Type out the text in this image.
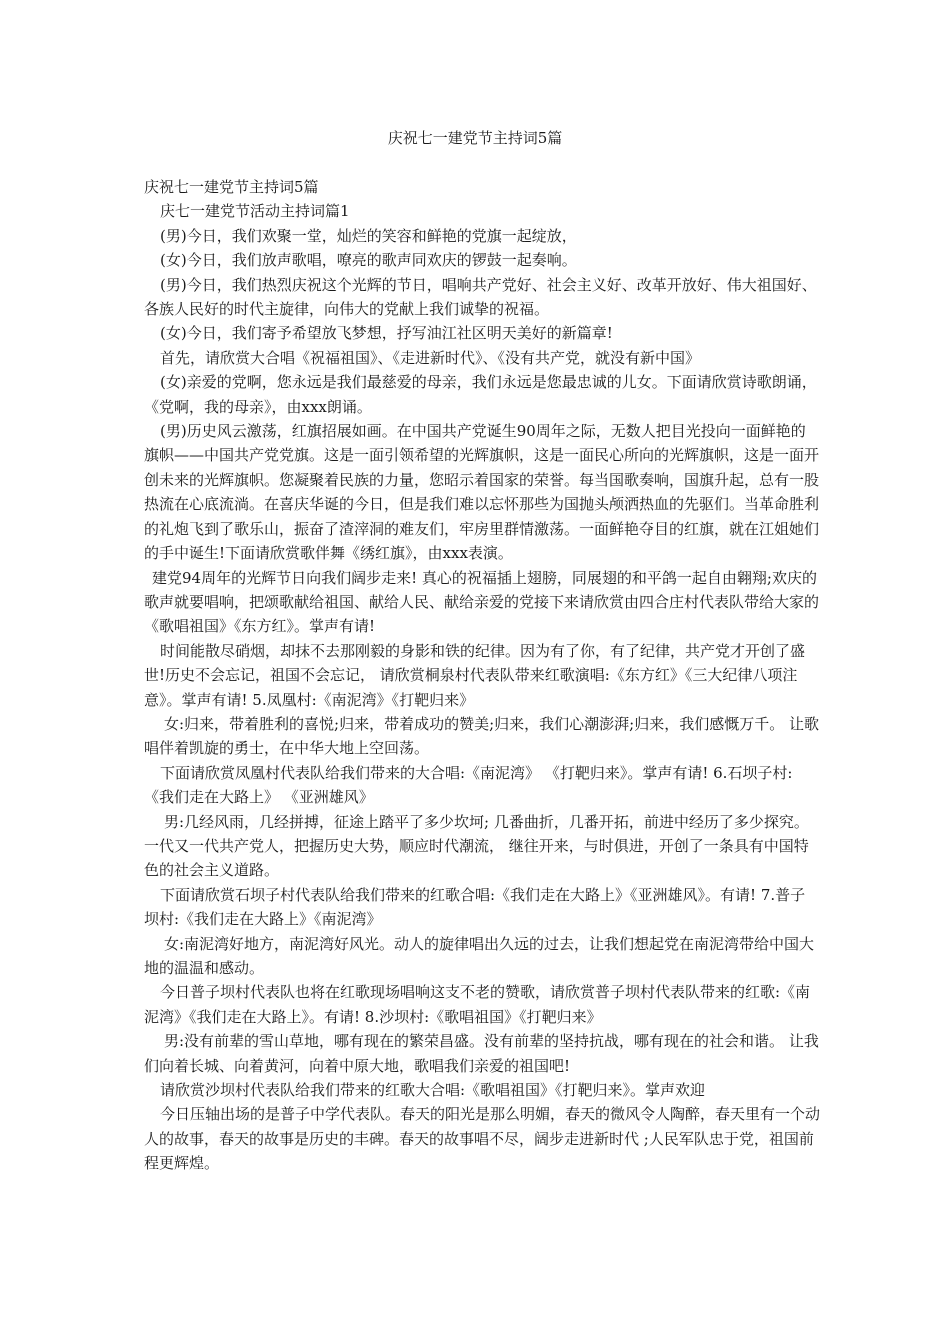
庆祝七一建党节主持词5篇

庆祝七一建党节主持词5篇

庆七一建党节活动主持词篇1

(男)今日，我们欢聚一堂，灿烂的笑容和鲜艳的党旗一起绽放，

(女)今日，我们放声歌唱，嘹亮的歌声同欢庆的锣鼓一起奏响。

(男)今日，我们热烈庆祝这个光辉的节日，唱响共产党好、社会主义好、改革开放好、伟大祖国好、各族人民好的时代主旋律，向伟大的党献上我们诚挚的祝福。

(女)今日，我们寄予希望放飞梦想，抒写油江社区明天美好的新篇章!

首先，请欣赏大合唱《祝福祖国》、《走进新时代》、《没有共产党，就没有新中国》

(女)亲爱的党啊，您永远是我们最慈爱的母亲，我们永远是您最忠诚的儿女。下面请欣赏诗歌朗诵，《党啊，我的母亲》，由xxx朗诵。

(男)历史风云激荡，红旗招展如画。在中国共产党诞生90周年之际，无数人把目光投向一面鲜艳的旗帜——中国共产党党旗。这是一面引领希望的光辉旗帜，这是一面民心所向的光辉旗帜，这是一面开创未来的光辉旗帜。您凝聚着民族的力量，您昭示着国家的荣誉。每当国歌奏响，国旗升起，总有一股热流在心底流淌。在喜庆华诞的今日，但是我们难以忘怀那些为国抛头颅洒热血的先驱们。当革命胜利的礼炮飞到了歌乐山，振奋了渣滓洞的难友们，牢房里群情激荡。一面鲜艳夺目的红旗，就在江姐她们的手中诞生!下面请欣赏歌伴舞《绣红旗》，由xxx表演。

建党94周年的光辉节日向我们阔步走来! 真心的祝福插上翅膀，同展翅的和平鸽一起自由翱翔;欢庆的歌声就要唱响，把颂歌献给祖国、献给人民、献给亲爱的党接下来请欣赏由四合庄村代表队带给大家的《歌唱祖国》《东方红》。掌声有请!

时间能散尽硝烟，却抹不去那刚毅的身影和铁的纪律。因为有了你，有了纪律，共产党才开创了盛世!历史不会忘记，祖国不会忘记， 请欣赏桐泉村代表队带来红歌演唱:《东方红》《三大纪律八项注意》。掌声有请! 5.凤凰村:《南泥湾》《打靶归来》

女:归来，带着胜利的喜悦;归来，带着成功的赞美;归来，我们心潮澎湃;归来，我们感慨万千。 让歌唱伴着凯旋的勇士，在中华大地上空回荡。

下面请欣赏凤凰村代表队给我们带来的大合唱:《南泥湾》 《打靶归来》。掌声有请! 6.石坝子村:《我们走在大路上》 《亚洲雄风》

男:几经风雨，几经拼搏，征途上踏平了多少坎坷; 几番曲折，几番开拓，前进中经历了多少探究。 一代又一代共产党人，把握历史大势，顺应时代潮流， 继往开来，与时俱进，开创了一条具有中国特色的社会主义道路。

下面请欣赏石坝子村代表队给我们带来的红歌合唱:《我们走在大路上》《亚洲雄风》。有请! 7.普子坝村:《我们走在大路上》《南泥湾》

女:南泥湾好地方，南泥湾好风光。动人的旋律唱出久远的过去，让我们想起党在南泥湾带给中国大地的温温和感动。

今日普子坝村代表队也将在红歌现场唱响这支不老的赞歌，请欣赏普子坝村代表队带来的红歌:《南泥湾》《我们走在大路上》。有请! 8.沙坝村:《歌唱祖国》《打靶归来》

男:没有前辈的雪山草地，哪有现在的繁荣昌盛。没有前辈的坚持抗战，哪有现在的社会和谐。 让我们向着长城、向着黄河，向着中原大地，歌唱我们亲爱的祖国吧!

请欣赏沙坝村代表队给我们带来的红歌大合唱:《歌唱祖国》《打靶归来》。掌声欢迎

今日压轴出场的是普子中学代表队。春天的阳光是那么明媚，春天的微风令人陶醉，春天里有一个动人的故事，春天的故事是历史的丰碑。春天的故事唱不尽，阔步走进新时代 ;人民军队忠于党，祖国前程更辉煌。
